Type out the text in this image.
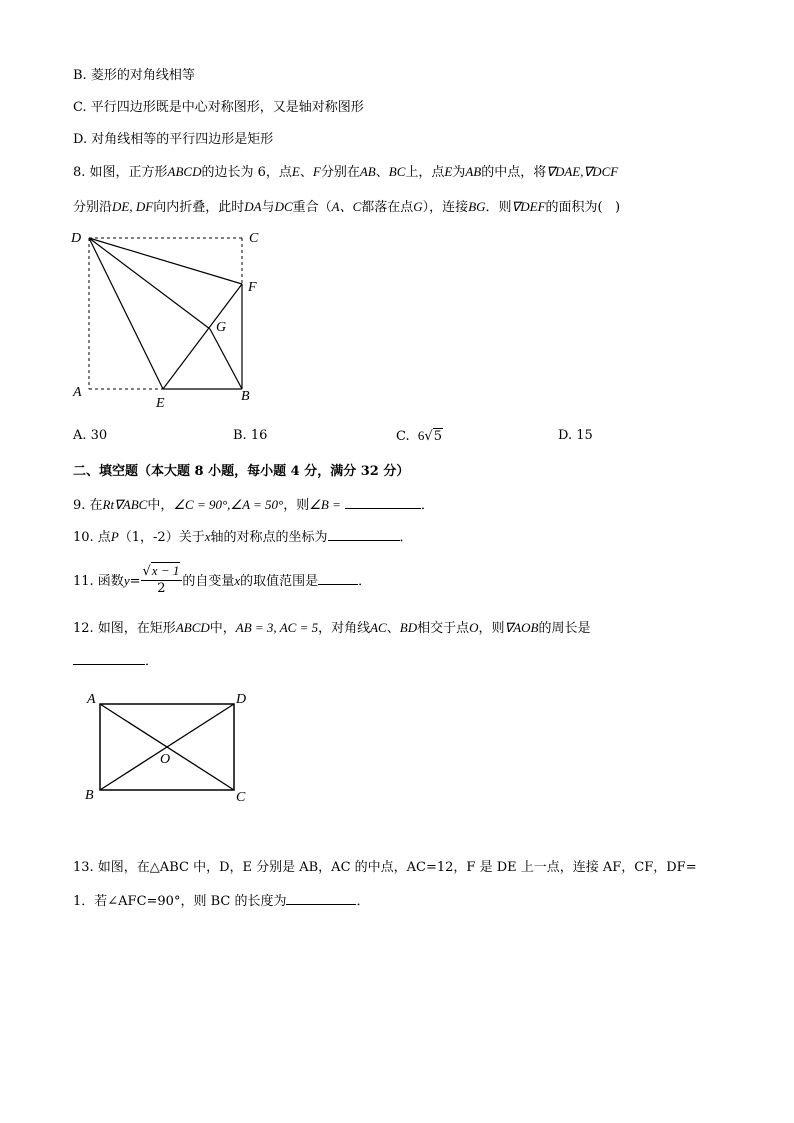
B. 菱形的对角线相等
C. 平行四边形既是中心对称图形，又是轴对称图形
D. 对角线相等的平行四边形是矩形
8. 如图，正方形ABCD的边长为 6，点E、F分别在AB、BC上，点E为AB的中点，将∇DAE,∇DCF
分别沿DE, DF向内折叠，此时DA与DC重合（A、C都落在点G），连接BG．则∇DEF的面积为( )
D	C
F
G
A
E	B
A. 30	B. 16	C. 6√5	D. 15
二、填空题（本大题 8 小题，每小题 4 分，满分 32 分）
9. 在Rt∇ABC中，∠C = 90°,∠A = 50°，则∠B =	．
10. 点P（1，-2）关于x轴的对称点的坐标为	．
11. 函数$y= \frac{√x - 1}{2}$ 的自变量x的取值范围是	．
12. 如图，在矩形ABCD中，AB = 3, AC = 5，对角线AC、BD相交于点O，则∇AOB的周长是
．
A	D
O
B	C
13. 如图，在△ABC 中，D，E 分别是 AB，AC 的中点，AC=12，F 是 DE 上一点，连接 AF，CF，DF=
1．若∠AFC=90°，则 BC 的长度为	．
